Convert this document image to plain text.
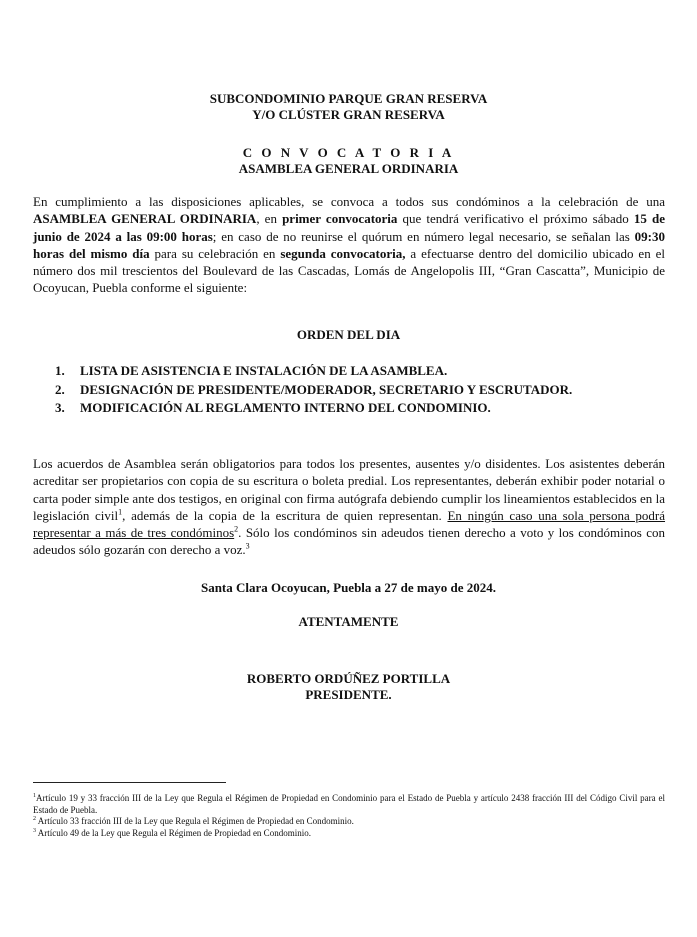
SUBCONDOMINIO PARQUE GRAN RESERVA
Y/O CLÚSTER GRAN RESERVA
C O N V O C A T O R I A
ASAMBLEA GENERAL ORDINARIA

En cumplimiento a las disposiciones aplicables, se convoca a todos sus condóminos a la celebración de una ASAMBLEA GENERAL ORDINARIA, en primer convocatoria que tendrá verificativo el próximo sábado 15 de junio de 2024 a las 09:00 horas; en caso de no reunirse el quórum en número legal necesario, se señalan las 09:30 horas del mismo día para su celebración en segunda convocatoria, a efectuarse dentro del domicilio ubicado en el número dos mil trescientos del Boulevard de las Cascadas, Lomás de Angelopolis III, “Gran Cascatta”, Municipio de Ocoyucan, Puebla conforme el siguiente:

ORDEN DEL DIA
1. LISTA DE ASISTENCIA E INSTALACIÓN DE LA ASAMBLEA.
2. DESIGNACIÓN DE PRESIDENTE/MODERADOR, SECRETARIO Y ESCRUTADOR.
3. MODIFICACIÓN AL REGLAMENTO INTERNO DEL CONDOMINIO.

Los acuerdos de Asamblea serán obligatorios para todos los presentes, ausentes y/o disidentes. Los asistentes deberán acreditar ser propietarios con copia de su escritura o boleta predial. Los representantes, deberán exhibir poder notarial o carta poder simple ante dos testigos, en original con firma autógrafa debiendo cumplir los lineamientos establecidos en la legislación civil$^1$, además de la copia de la escritura de quien representan. En ningún caso una sola persona podrá representar a más de tres condóminos$^2$. Sólo los condóminos sin adeudos tienen derecho a voto y los condóminos con adeudos sólo gozarán con derecho a voz.$^3$

Santa Clara Ocoyucan, Puebla a 27 de mayo de 2024.
ATENTAMENTE
ROBERTO ORDÚÑEZ PORTILLA
PRESIDENTE.

$^1$Artículo 19 y 33 fracción III de la Ley que Regula el Régimen de Propiedad en Condominio para el Estado de Puebla y artículo 2438 fracción III del Código Civil para el Estado de Puebla.

$^2$ Artículo 33 fracción III de la Ley que Regula el Régimen de Propiedad en Condominio.

$^3$ Artículo 49 de la Ley que Regula el Régimen de Propiedad en Condominio.
